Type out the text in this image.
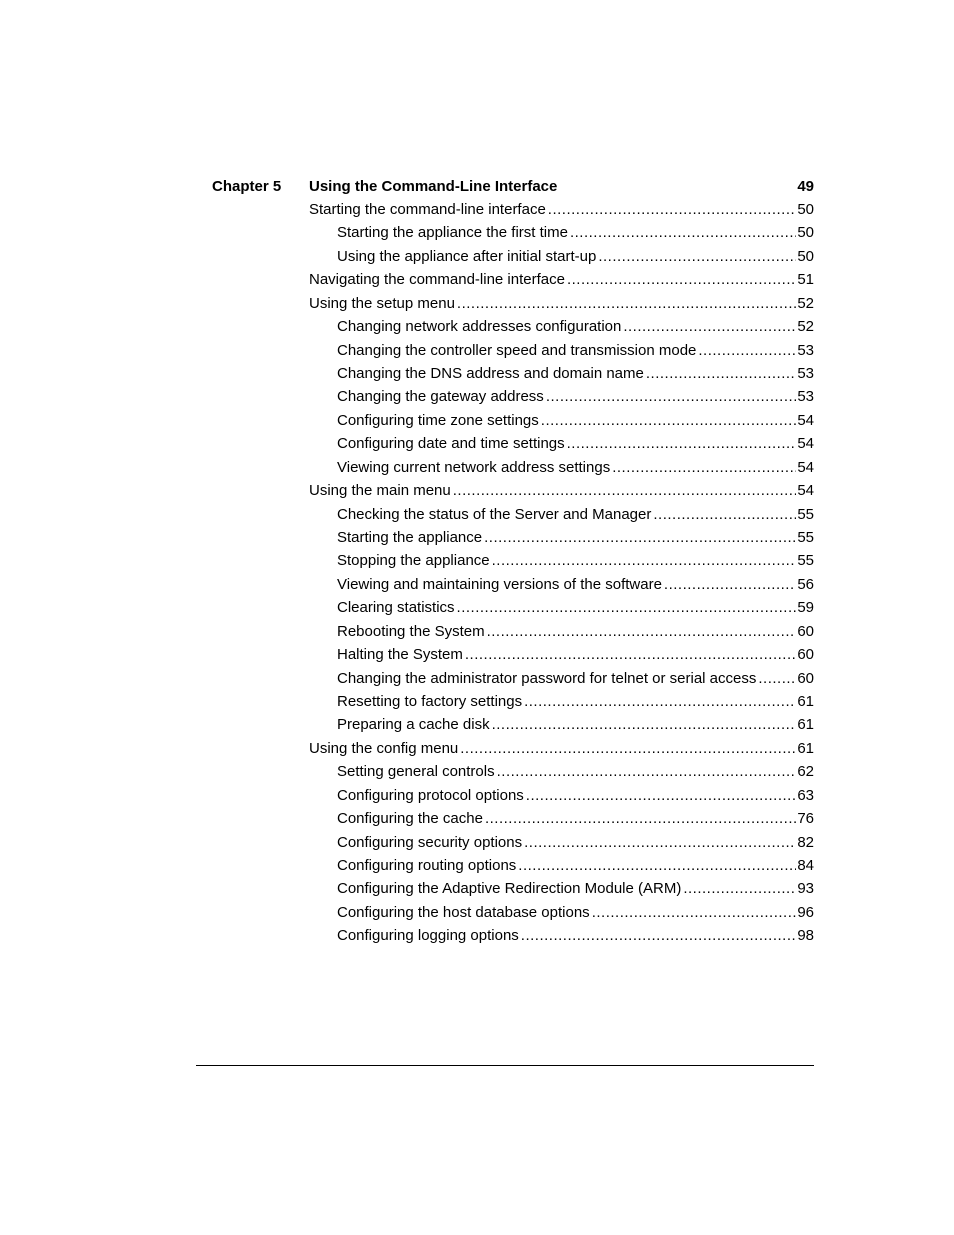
Chapter 5 Using the Command-Line Interface	49
Starting the command-line interface .....	50
Starting the appliance the first time .....	50
Using the appliance after initial start-up .....	50
Navigating the command-line interface .....	51
Using the setup menu .....	52
Changing network addresses configuration .....	52
Changing the controller speed and transmission mode .....	53
Changing the DNS address and domain name .....	53
Changing the gateway address .....	53
Configuring time zone settings .....	54
Configuring date and time settings .....	54
Viewing current network address settings .....	54
Using the main menu .....	54
Checking the status of the Server and Manager .....	55
Starting the appliance .....	55
Stopping the appliance .....	55
Viewing and maintaining versions of the software .....	56
Clearing statistics .....	59
Rebooting the System .....	60
Halting the System .....	60
Changing the administrator password for telnet or serial access .....	60
Resetting to factory settings .....	61
Preparing a cache disk .....	61
Using the config menu .....	61
Setting general controls .....	62
Configuring protocol options .....	63
Configuring the cache .....	76
Configuring security options .....	82
Configuring routing options .....	84
Configuring the Adaptive Redirection Module (ARM) .....	93
Configuring the host database options .....	96
Configuring logging options .....	98
